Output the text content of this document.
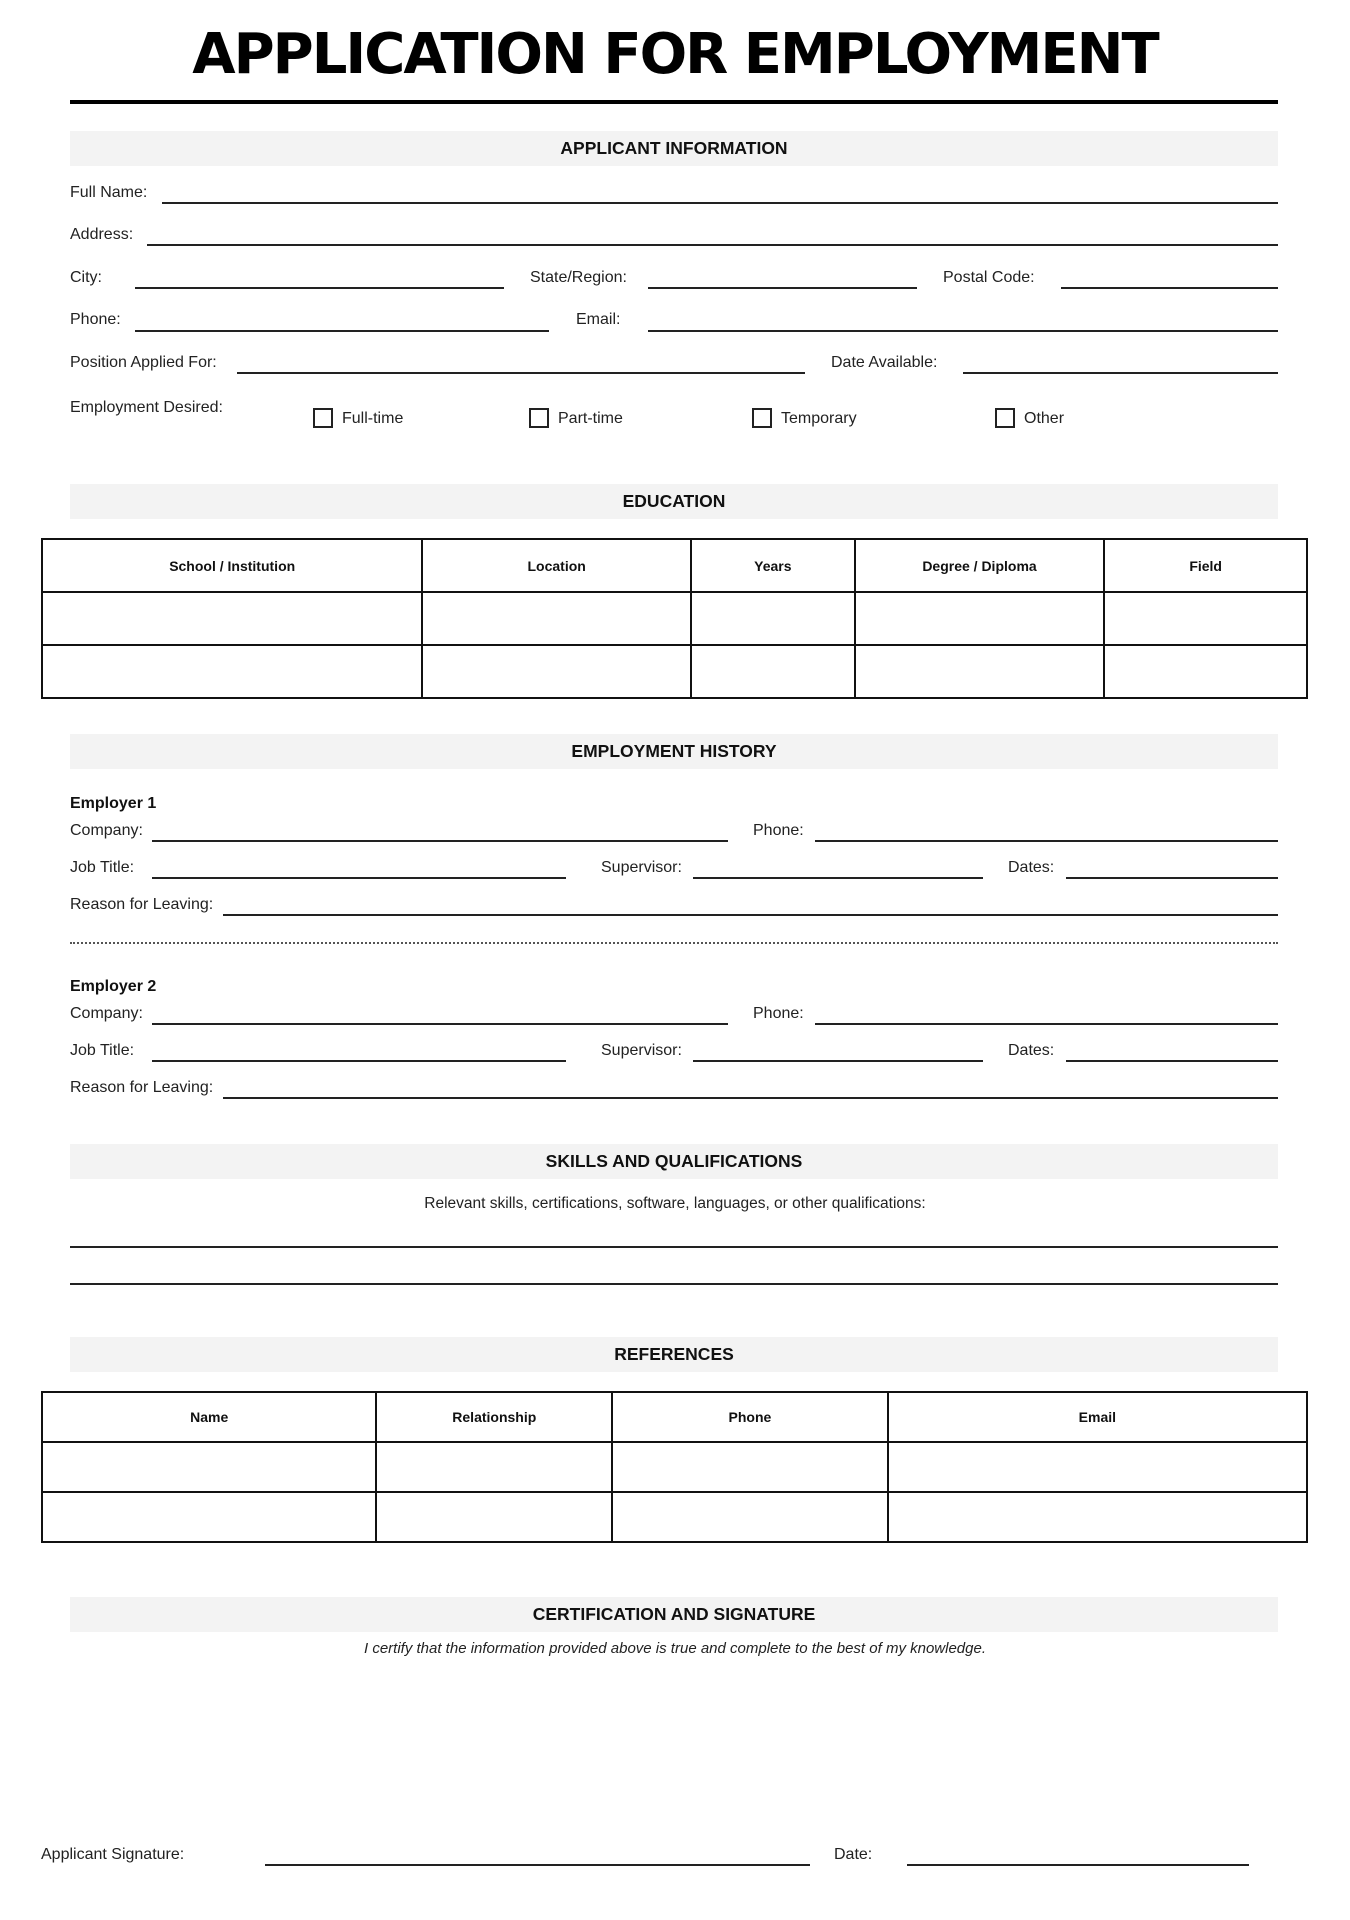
APPLICATION FOR EMPLOYMENT
APPLICANT INFORMATION
Full Name:
Address:
City:	State/Region:	Postal Code:
Phone:	Email:
Position Applied For:	Date Available:
Employment Desired:
Full-time	Part-time	Temporary	Other
EDUCATION
School / Institution	Location	Years	Degree / Diploma	Field

EMPLOYMENT HISTORY
Employer 1
Company:	Phone:
Job Title:	Supervisor:	Dates:
Reason for Leaving:
Employer 2
Company:	Phone:
Job Title:	Supervisor:	Dates:
Reason for Leaving:
SKILLS AND QUALIFICATIONS
Relevant skills, certifications, software, languages, or other qualifications:
REFERENCES
Name	Relationship	Phone	Email

CERTIFICATION AND SIGNATURE
I certify that the information provided above is true and complete to the best of my knowledge.
Applicant Signature:	Date:
